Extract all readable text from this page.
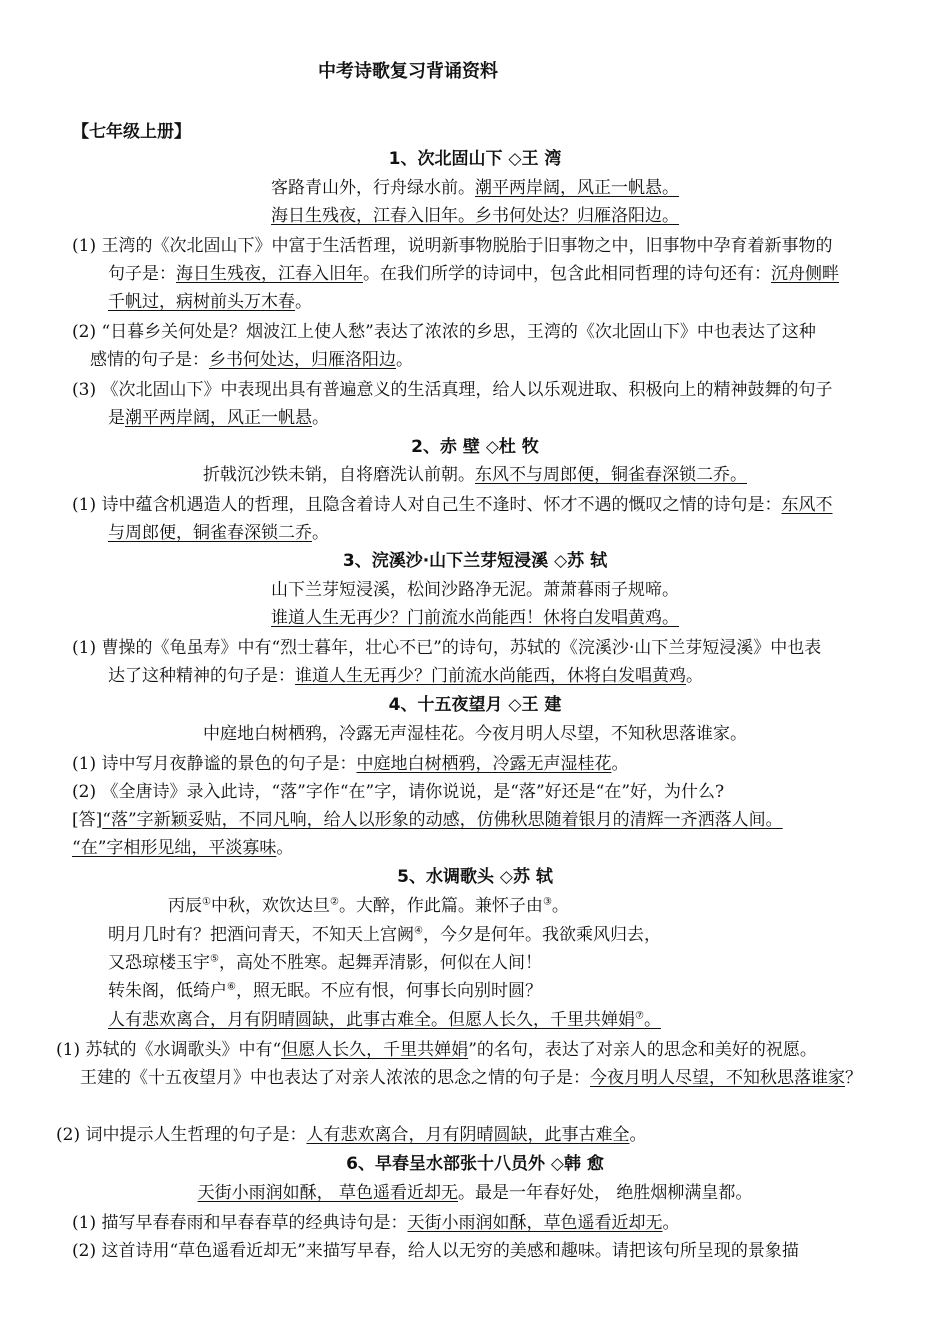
中考诗歌复习背诵资料
【七年级上册】
1、次北固山下 ◇王 湾
客路青山外，行舟绿水前。潮平两岸阔，风正一帆悬。
海日生残夜，江春入旧年。乡书何处达？归雁洛阳边。
(1) 王湾的《次北固山下》中富于生活哲理，说明新事物脱胎于旧事物之中，旧事物中孕育着新事物的
句子是：海日生残夜，江春入旧年。在我们所学的诗词中，包含此相同哲理的诗句还有：沉舟侧畔
千帆过，病树前头万木春。
(2) “日暮乡关何处是？烟波江上使人愁”表达了浓浓的乡思，王湾的《次北固山下》中也表达了这种
感情的句子是：乡书何处达，归雁洛阳边。
(3) 《次北固山下》中表现出具有普遍意义的生活真理，给人以乐观进取、积极向上的精神鼓舞的句子
是潮平两岸阔，风正一帆悬。
2、赤 壁 ◇杜 牧
折戟沉沙铁未销，自将磨洗认前朝。东风不与周郎便，铜雀春深锁二乔。
(1) 诗中蕴含机遇造人的哲理，且隐含着诗人对自己生不逢时、怀才不遇的慨叹之情的诗句是：东风不
与周郎便，铜雀春深锁二乔。
3、浣溪沙·山下兰芽短浸溪 ◇苏 轼
山下兰芽短浸溪，松间沙路净无泥。萧萧暮雨子规啼。
谁道人生无再少？门前流水尚能西！休将白发唱黄鸡。
(1) 曹操的《龟虽寿》中有“烈士暮年，壮心不已”的诗句，苏轼的《浣溪沙·山下兰芽短浸溪》中也表
达了这种精神的句子是：谁道人生无再少？门前流水尚能西，休将白发唱黄鸡。
4、十五夜望月 ◇王 建
中庭地白树栖鸦，冷露无声湿桂花。今夜月明人尽望，不知秋思落谁家。
(1) 诗中写月夜静谧的景色的句子是：中庭地白树栖鸦，冷露无声湿桂花。
(2) 《全唐诗》录入此诗，“落”字作“在”字，请你说说，是“落”好还是“在”好，为什么?
[答]“落”字新颖妥贴，不同凡响，给人以形象的动感，仿佛秋思随着银月的清辉一齐洒落人间。
“在”字相形见绌，平淡寡味。
5、水调歌头 ◇苏 轼
丙辰①中秋，欢饮达旦②。大醉，作此篇。兼怀子由③。
明月几时有？把酒问青天，不知天上宫阙④，今夕是何年。我欲乘风归去，
又恐琼楼玉宇⑤，高处不胜寒。起舞弄清影，何似在人间！
转朱阁，低绮户⑥，照无眠。不应有恨，何事长向别时圆？
人有悲欢离合，月有阴晴圆缺，此事古难全。但愿人长久，千里共婵娟⑦。
(1) 苏轼的《水调歌头》中有“但愿人长久，千里共婵娟”的名句，表达了对亲人的思念和美好的祝愿。
王建的《十五夜望月》中也表达了对亲人浓浓的思念之情的句子是：今夜月明人尽望，不知秋思落谁家？
(2) 词中提示人生哲理的句子是：人有悲欢离合，月有阴晴圆缺，此事古难全。
6、早春呈水部张十八员外 ◇韩 愈
天街小雨润如酥， 草色遥看近却无。最是一年春好处， 绝胜烟柳满皇都。
(1) 描写早春春雨和早春春草的经典诗句是：天街小雨润如酥，草色遥看近却无。
(2) 这首诗用“草色遥看近却无”来描写早春，给人以无穷的美感和趣味。请把该句所呈现的景象描
